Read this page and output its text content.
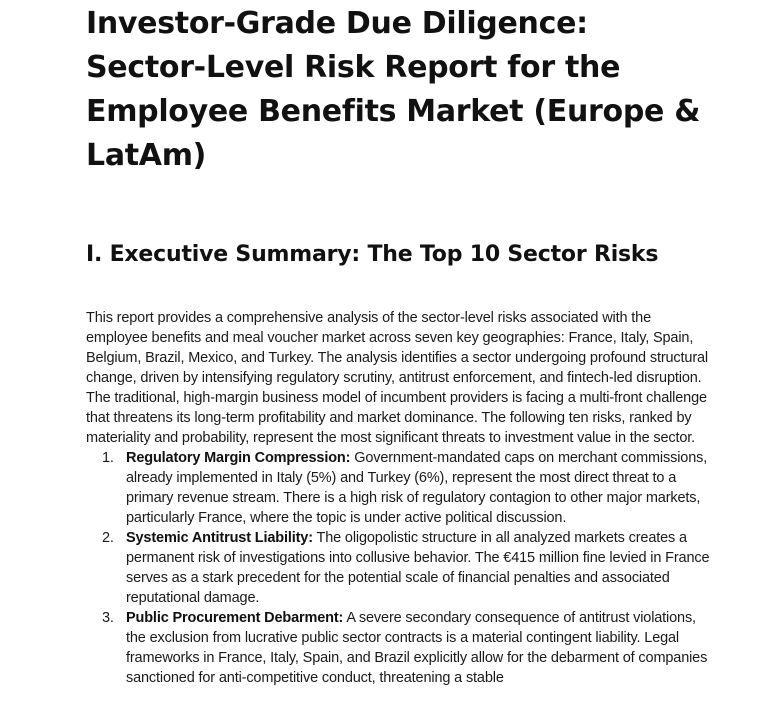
Investor-Grade Due Diligence: Sector-Level Risk Report for the Employee Benefits Market (Europe & LatAm)
I. Executive Summary: The Top 10 Sector Risks

This report provides a comprehensive analysis of the sector-level risks associated with the employee benefits and meal voucher market across seven key geographies: France, Italy, Spain, Belgium, Brazil, Mexico, and Turkey. The analysis identifies a sector undergoing profound structural change, driven by intensifying regulatory scrutiny, antitrust enforcement, and fintech-led disruption. The traditional, high-margin business model of incumbent providers is facing a multi-front challenge that threatens its long-term profitability and market dominance. The following ten risks, ranked by materiality and probability, represent the most significant threats to investment value in the sector.

1. Regulatory Margin Compression: Government-mandated caps on merchant commissions, already implemented in Italy (5%) and Turkey (6%), represent the most direct threat to a primary revenue stream. There is a high risk of regulatory contagion to other major markets, particularly France, where the topic is under active political discussion.
2. Systemic Antitrust Liability: The oligopolistic structure in all analyzed markets creates a permanent risk of investigations into collusive behavior. The €415 million fine levied in France serves as a stark precedent for the potential scale of financial penalties and associated reputational damage.
3. Public Procurement Debarment: A severe secondary consequence of antitrust violations, the exclusion from lucrative public sector contracts is a material contingent liability. Legal frameworks in France, Italy, Spain, and Brazil explicitly allow for the debarment of companies sanctioned for anti-competitive conduct, threatening a stable
